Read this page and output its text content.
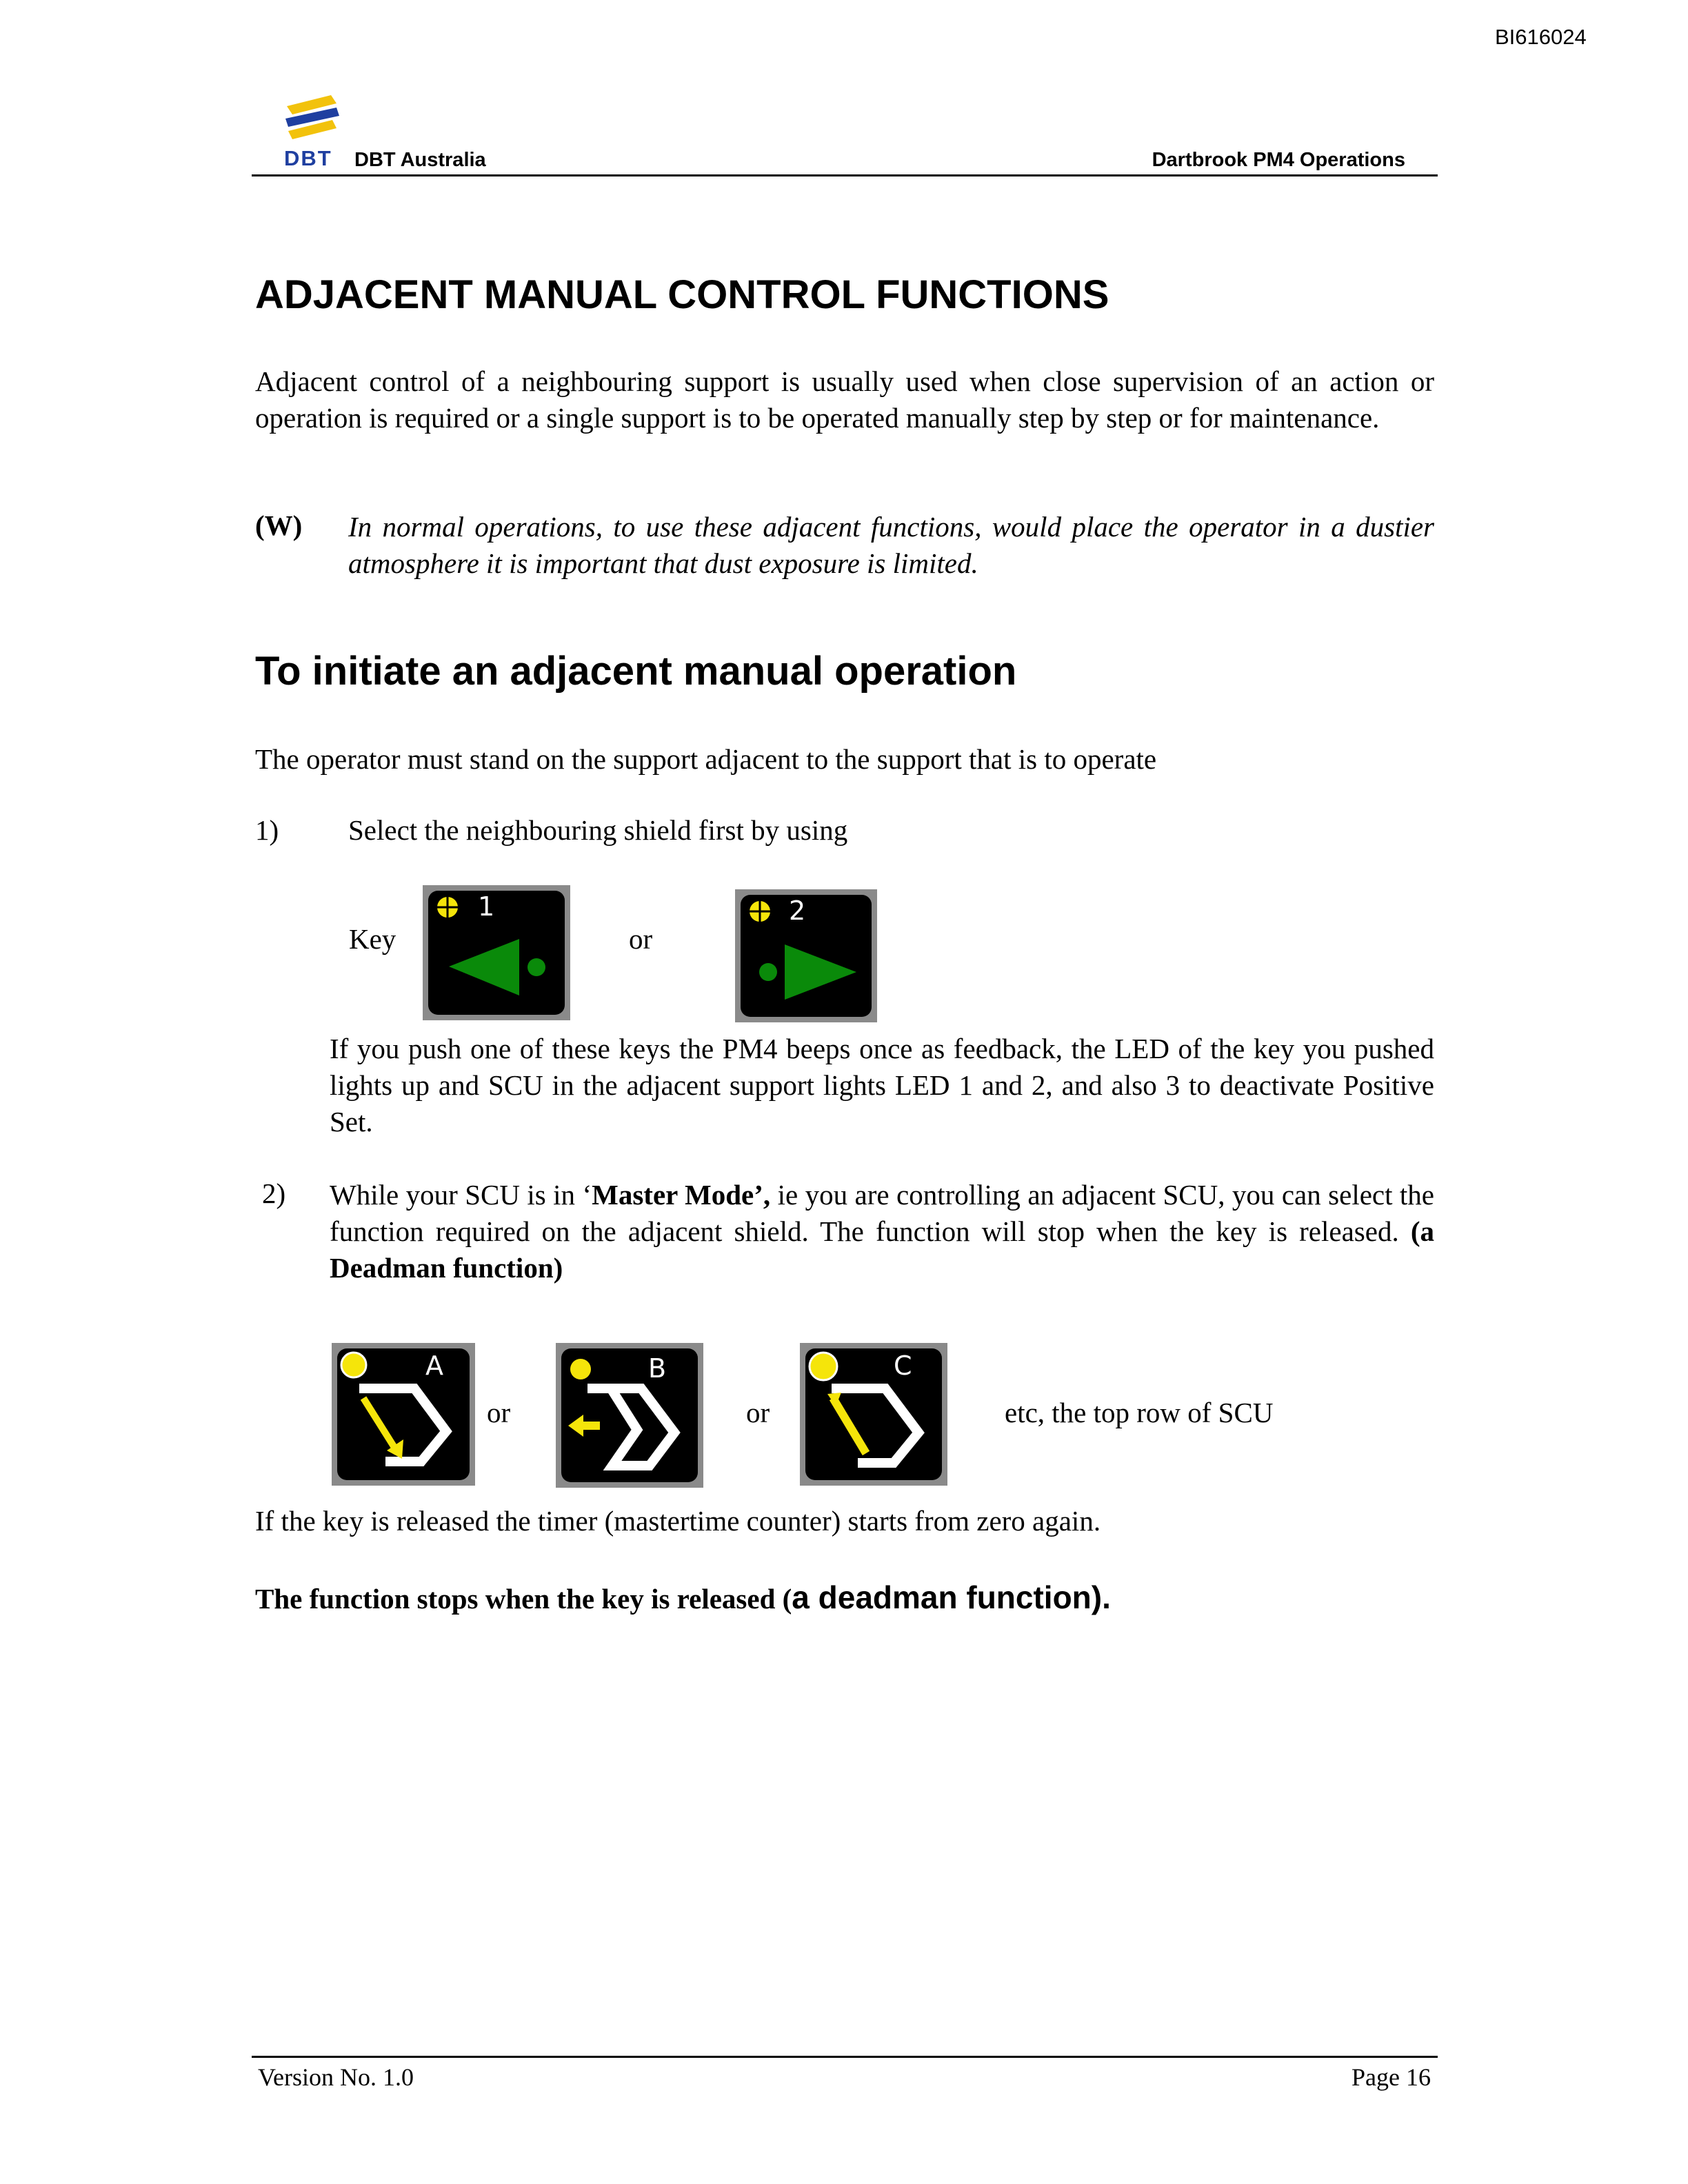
BI616024
DBT DBT Australia	Dartbrook PM4 Operations
ADJACENT MANUAL CONTROL FUNCTIONS
Adjacent control of a neighbouring support is usually used when close supervision of an action or operation is required or a single support is to be operated manually step by step or for maintenance.
(W) In normal operations, to use these adjacent functions, would place the operator in a dustier atmosphere it is important that dust exposure is limited.
To initiate an adjacent manual operation
The operator must stand on the support adjacent to the support that is to operate
1) Select the neighbouring shield first by using
Key
1
or
2
If you push one of these keys the PM4 beeps once as feedback, the LED of the key you pushed lights up and SCU in the adjacent support lights LED 1 and 2, and also 3 to deactivate Positive Set.
2) While your SCU is in ‘Master Mode’, ie you are controlling an adjacent SCU, you can select the function required on the adjacent shield. The function will stop when the key is released. (a Deadman function)
A
or
B
or
C
etc, the top row of SCU
If the key is released the timer (mastertime counter) starts from zero again.
The function stops when the key is released (a deadman function).
Version No. 1.0	Page 16
